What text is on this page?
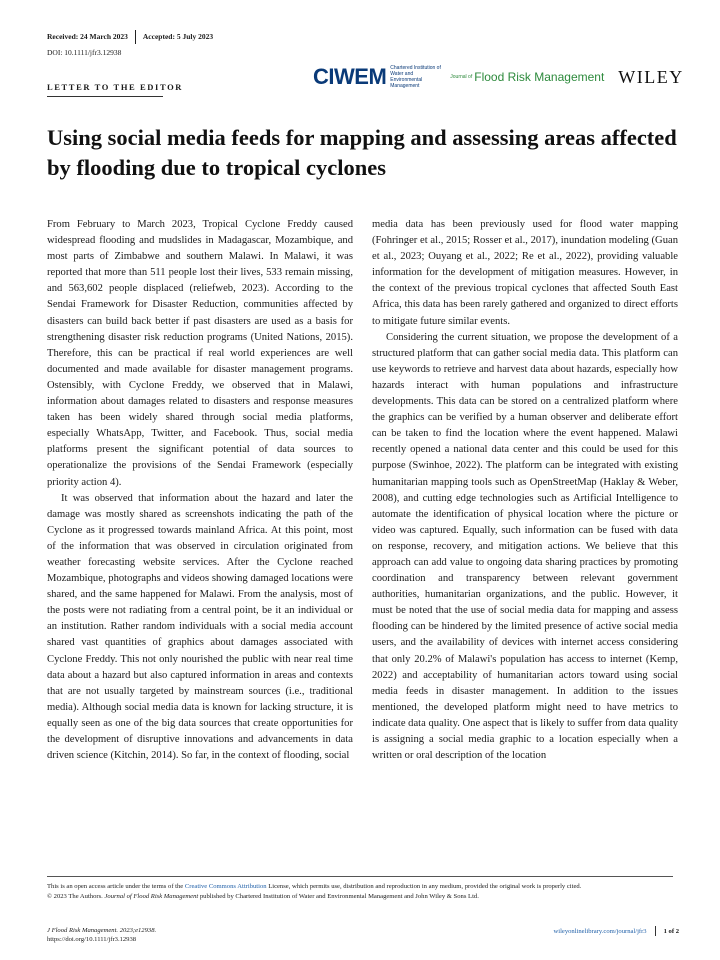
Received: 24 March 2023 Accepted: 5 July 2023
DOI: 10.1111/jfr3.12938
LETTER TO THE EDITOR	CIWEM Chartered Institution of Water and Environmental Management
Journal of Flood Risk Management WILEY
Using social media feeds for mapping and assessing areas affected by flooding due to tropical cyclones

From February to March 2023, Tropical Cyclone Freddy caused widespread flooding and mudslides in Madagascar, Mozambique, and most parts of Zimbabwe and southern Malawi. In Malawi, it was reported that more than 511 people lost their lives, 533 remain missing, and 563,602 people displaced (reliefweb, 2023). According to the Sendai Framework for Disaster Reduction, communities affected by disasters can build back better if past disasters are used as a basis for strengthening disaster risk reduction programs (United Nations, 2015). Therefore, this can be practical if real world experiences are well documented and made available for disaster management programs. Ostensibly, with Cyclone Freddy, we observed that in Malawi, information about damages related to disasters and response measures taken has been widely shared through social media platforms, especially WhatsApp, Twitter, and Facebook. Thus, social media platforms present the significant potential of data sources to operationalize the provisions of the Sendai Framework (especially priority action 4).

It was observed that information about the hazard and later the damage was mostly shared as screenshots indicating the path of the Cyclone as it progressed towards mainland Africa. At this point, most of the information that was observed in circulation originated from weather forecasting website services. After the Cyclone reached Mozambique, photographs and videos showing damaged locations were shared, and the same happened for Malawi. From the analysis, most of the posts were not radiating from a central point, be it an individual or an institution. Rather random individuals with a social media account shared vast quantities of graphics about damages associated with Cyclone Freddy. This not only nourished the public with near real time data about a hazard but also captured information in areas and contexts that are not usually targeted by mainstream sources (i.e., traditional media). Although social media data is known for lacking structure, it is equally seen as one of the big data sources that create opportunities for the development of disruptive innovations and advancements in data driven science (Kitchin, 2014). So far, in the context of flooding, social

media data has been previously used for flood water mapping (Fohringer et al., 2015; Rosser et al., 2017), inundation modeling (Guan et al., 2023; Ouyang et al., 2022; Re et al., 2022), providing valuable information for the development of mitigation measures. However, in the context of the previous tropical cyclones that affected South East Africa, this data has been rarely gathered and organized to direct efforts to mitigate future similar events.

Considering the current situation, we propose the development of a structured platform that can gather social media data. This platform can use keywords to retrieve and harvest data about hazards, especially how hazards interact with human populations and infrastructure developments. This data can be stored on a centralized platform where the graphics can be verified by a human observer and deliberate effort can be taken to find the location where the event happened. Malawi recently opened a national data center and this could be used for this purpose (Swinhoe, 2022). The platform can be integrated with existing humanitarian mapping tools such as OpenStreetMap (Haklay & Weber, 2008), and cutting edge technologies such as Artificial Intelligence to automate the identification of physical location where the picture or video was captured. Equally, such information can be fused with data on response, recovery, and mitigation actions. We believe that this approach can add value to ongoing data sharing practices by promoting coordination and transparency between relevant government authorities, humanitarian organizations, and the public. However, it must be noted that the use of social media data for mapping and assess flooding can be hindered by the limited presence of active social media users, and the availability of devices with internet access considering that only 20.2% of Malawi's population has access to internet (Kemp, 2022) and acceptability of humanitarian actors toward using social media feeds in disaster management. In addition to the issues mentioned, the developed platform might need to have metrics to indicate data quality. One aspect that is likely to suffer from data quality is assigning a social media graphic to a location especially when a written or oral description of the location

This is an open access article under the terms of the Creative Commons Attribution License, which permits use, distribution and reproduction in any medium, provided the original work is properly cited.
© 2023 The Authors. Journal of Flood Risk Management published by Chartered Institution of Water and Environmental Management and John Wiley & Sons Ltd.
J Flood Risk Management. 2023;e12938.
https://doi.org/10.1111/jfr3.12938
wileyonlinelibrary.com/journal/jfr3	1 of 2
